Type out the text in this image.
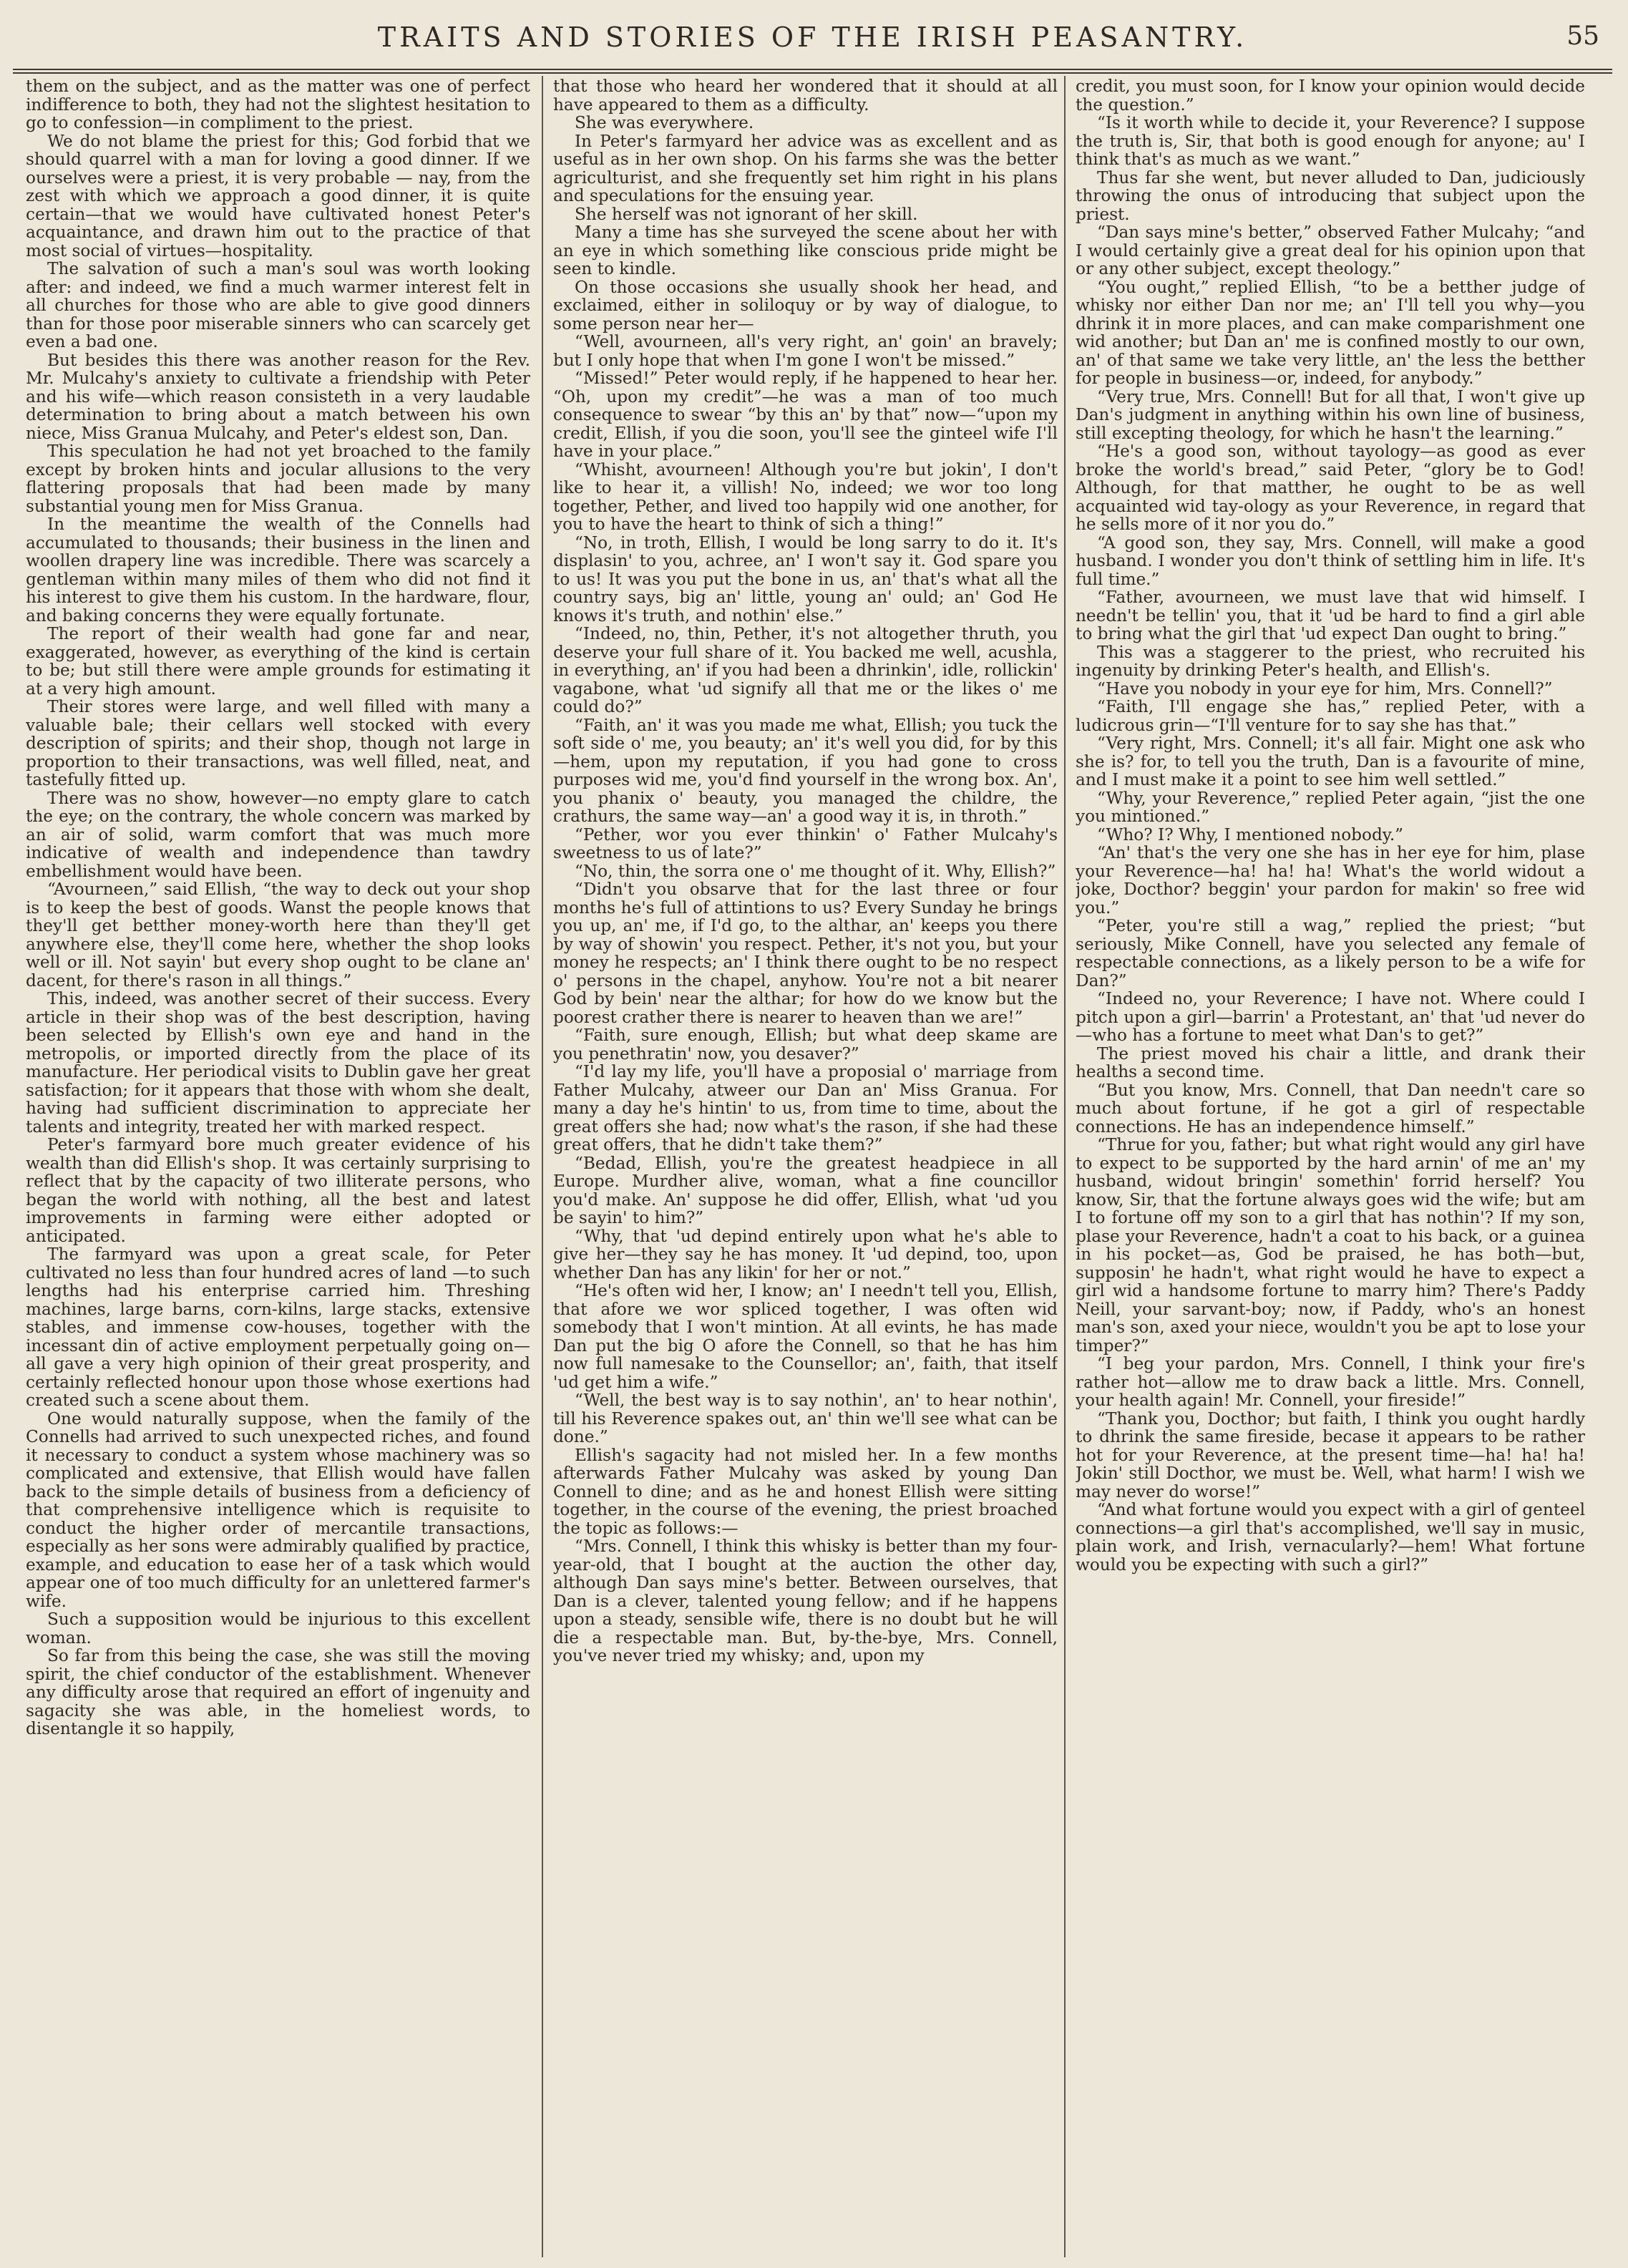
TRAITS AND STORIES OF THE IRISH PEASANTRY.	55

them on the subject, and as the matter was one of perfect indifference to both, they had not the slightest hesitation to go to confession—in compliment to the priest.

We do not blame the priest for this; God forbid that we should quarrel with a man for loving a good dinner. If we ourselves were a priest, it is very probable — nay, from the zest with which we approach a good dinner, it is quite certain—that we would have cultivated honest Peter's acquaintance, and drawn him out to the practice of that most social of virtues—hospitality.

The salvation of such a man's soul was worth looking after: and indeed, we find a much warmer interest felt in all churches for those who are able to give good dinners than for those poor miserable sinners who can scarcely get even a bad one.

But besides this there was another reason for the Rev. Mr. Mulcahy's anxiety to cultivate a friendship with Peter and his wife—which reason consisteth in a very laudable determination to bring about a match between his own niece, Miss Granua Mulcahy, and Peter's eldest son, Dan.

This speculation he had not yet broached to the family except by broken hints and jocular allusions to the very flattering proposals that had been made by many substantial young men for Miss Granua.

In the meantime the wealth of the Connells had accumulated to thousands; their business in the linen and woollen drapery line was incredible. There was scarcely a gentleman within many miles of them who did not find it his interest to give them his custom. In the hardware, flour, and baking concerns they were equally fortunate.

The report of their wealth had gone far and near, exaggerated, however, as everything of the kind is certain to be; but still there were ample grounds for estimating it at a very high amount.

Their stores were large, and well filled with many a valuable bale; their cellars well stocked with every description of spirits; and their shop, though not large in proportion to their transactions, was well filled, neat, and tastefully fitted up.

There was no show, however—no empty glare to catch the eye; on the contrary, the whole concern was marked by an air of solid, warm comfort that was much more indicative of wealth and independence than tawdry embellishment would have been.

“Avourneen,” said Ellish, “the way to deck out your shop is to keep the best of goods. Wanst the people knows that they'll get betther money-worth here than they'll get anywhere else, they'll come here, whether the shop looks well or ill. Not sayin' but every shop ought to be clane an' dacent, for there's rason in all things.”

This, indeed, was another secret of their success. Every article in their shop was of the best description, having been selected by Ellish's own eye and hand in the metropolis, or imported directly from the place of its manufacture. Her periodical visits to Dublin gave her great satisfaction; for it appears that those with whom she dealt, having had sufficient discrimination to appreciate her talents and integrity, treated her with marked respect.

Peter's farmyard bore much greater evidence of his wealth than did Ellish's shop. It was certainly surprising to reflect that by the capacity of two illiterate persons, who began the world with nothing, all the best and latest improvements in farming were either adopted or anticipated.

The farmyard was upon a great scale, for Peter cultivated no less than four hundred acres of land —to such lengths had his enterprise carried him. Threshing machines, large barns, corn-kilns, large stacks, extensive stables, and immense cow-houses, together with the incessant din of active employment perpetually going on—all gave a very high opinion of their great prosperity, and certainly reflected honour upon those whose exertions had created such a scene about them.

One would naturally suppose, when the family of the Connells had arrived to such unexpected riches, and found it necessary to conduct a system whose machinery was so complicated and extensive, that Ellish would have fallen back to the simple details of business from a deficiency of that comprehensive intelligence which is requisite to conduct the higher order of mercantile transactions, especially as her sons were admirably qualified by practice, example, and education to ease her of a task which would appear one of too much difficulty for an unlettered farmer's wife.

Such a supposition would be injurious to this excellent woman.

So far from this being the case, she was still the moving spirit, the chief conductor of the establishment. Whenever any difficulty arose that required an effort of ingenuity and sagacity she was able, in the homeliest words, to disentangle it so happily,

that those who heard her wondered that it should at all have appeared to them as a difficulty.

She was everywhere.

In Peter's farmyard her advice was as excellent and as useful as in her own shop. On his farms she was the better agriculturist, and she frequently set him right in his plans and speculations for the ensuing year.

She herself was not ignorant of her skill.

Many a time has she surveyed the scene about her with an eye in which something like conscious pride might be seen to kindle.

On those occasions she usually shook her head, and exclaimed, either in soliloquy or by way of dialogue, to some person near her—

“Well, avourneen, all's very right, an' goin' an bravely; but I only hope that when I'm gone I won't be missed.”

“Missed!” Peter would reply, if he happened to hear her. “Oh, upon my credit”—he was a man of too much consequence to swear “by this an' by that” now—“upon my credit, Ellish, if you die soon, you'll see the ginteel wife I'll have in your place.”

“Whisht, avourneen! Although you're but jokin', I don't like to hear it, a villish! No, indeed; we wor too long together, Pether, and lived too happily wid one another, for you to have the heart to think of sich a thing!”

“No, in troth, Ellish, I would be long sarry to do it. It's displasin' to you, achree, an' I won't say it. God spare you to us! It was you put the bone in us, an' that's what all the country says, big an' little, young an' ould; an' God He knows it's truth, and nothin' else.”

“Indeed, no, thin, Pether, it's not altogether thruth, you deserve your full share of it. You backed me well, acushla, in everything, an' if you had been a dhrinkin', idle, rollickin' vagabone, what 'ud signify all that me or the likes o' me could do?”

“Faith, an' it was you made me what, Ellish; you tuck the soft side o' me, you beauty; an' it's well you did, for by this—hem, upon my reputation, if you had gone to cross purposes wid me, you'd find yourself in the wrong box. An', you phanix o' beauty, you managed the childre, the crathurs, the same way—an' a good way it is, in throth.”

“Pether, wor you ever thinkin' o' Father Mulcahy's sweetness to us of late?”

“No, thin, the sorra one o' me thought of it. Why, Ellish?”

“Didn't you obsarve that for the last three or four months he's full of attintions to us? Every Sunday he brings you up, an' me, if I'd go, to the althar, an' keeps you there by way of showin' you respect. Pether, it's not you, but your money he respects; an' I think there ought to be no respect o' persons in the chapel, anyhow. You're not a bit nearer God by bein' near the althar; for how do we know but the poorest crather there is nearer to heaven than we are!”

“Faith, sure enough, Ellish; but what deep skame are you penethratin' now, you desaver?”

“I'd lay my life, you'll have a proposial o' marriage from Father Mulcahy, atweer our Dan an' Miss Granua. For many a day he's hintin' to us, from time to time, about the great offers she had; now what's the rason, if she had these great offers, that he didn't take them?”

“Bedad, Ellish, you're the greatest headpiece in all Europe. Murdher alive, woman, what a fine councillor you'd make. An' suppose he did offer, Ellish, what 'ud you be sayin' to him?”

“Why, that 'ud depind entirely upon what he's able to give her—they say he has money. It 'ud depind, too, upon whether Dan has any likin' for her or not.”

“He's often wid her, I know; an' I needn't tell you, Ellish, that afore we wor spliced together, I was often wid somebody that I won't mintion. At all evints, he has made Dan put the big O afore the Connell, so that he has him now full namesake to the Counsellor; an', faith, that itself 'ud get him a wife.”

“Well, the best way is to say nothin', an' to hear nothin', till his Reverence spakes out, an' thin we'll see what can be done.”

Ellish's sagacity had not misled her. In a few months afterwards Father Mulcahy was asked by young Dan Connell to dine; and as he and honest Ellish were sitting together, in the course of the evening, the priest broached the topic as follows:—

“Mrs. Connell, I think this whisky is better than my four-year-old, that I bought at the auction the other day, although Dan says mine's better. Between ourselves, that Dan is a clever, talented young fellow; and if he happens upon a steady, sensible wife, there is no doubt but he will die a respectable man. But, by-the-bye, Mrs. Connell, you've never tried my whisky; and, upon my

credit, you must soon, for I know your opinion would decide the question.”

“Is it worth while to decide it, your Reverence? I suppose the truth is, Sir, that both is good enough for anyone; au' I think that's as much as we want.”

Thus far she went, but never alluded to Dan, judiciously throwing the onus of introducing that subject upon the priest.

“Dan says mine's better,” observed Father Mulcahy; “and I would certainly give a great deal for his opinion upon that or any other subject, except theology.”

“You ought,” replied Ellish, “to be a betther judge of whisky nor either Dan nor me; an' I'll tell you why—you dhrink it in more places, and can make comparishment one wid another; but Dan an' me is confined mostly to our own, an' of that same we take very little, an' the less the betther for people in business—or, indeed, for anybody.”

“Very true, Mrs. Connell! But for all that, I won't give up Dan's judgment in anything within his own line of business, still excepting theology, for which he hasn't the learning.”

“He's a good son, without tayology—as good as ever broke the world's bread,” said Peter, “glory be to God! Although, for that matther, he ought to be as well acquainted wid tay-ology as your Reverence, in regard that he sells more of it nor you do.”

“A good son, they say, Mrs. Connell, will make a good husband. I wonder you don't think of settling him in life. It's full time.”

“Father, avourneen, we must lave that wid himself. I needn't be tellin' you, that it 'ud be hard to find a girl able to bring what the girl that 'ud expect Dan ought to bring.”

This was a staggerer to the priest, who recruited his ingenuity by drinking Peter's health, and Ellish's.

“Have you nobody in your eye for him, Mrs. Connell?”

“Faith, I'll engage she has,” replied Peter, with a ludicrous grin—“I'll venture for to say she has that.”

“Very right, Mrs. Connell; it's all fair. Might one ask who she is? for, to tell you the truth, Dan is a favourite of mine, and I must make it a point to see him well settled.”

“Why, your Reverence,” replied Peter again, “jist the one you mintioned.”

“Who? I? Why, I mentioned nobody.”

“An' that's the very one she has in her eye for him, plase your Reverence—ha! ha! ha! What's the world widout a joke, Docthor? beggin' your pardon for makin' so free wid you.”

“Peter, you're still a wag,” replied the priest; “but seriously, Mike Connell, have you selected any female of respectable connections, as a likely person to be a wife for Dan?”

“Indeed no, your Reverence; I have not. Where could I pitch upon a girl—barrin' a Protestant, an' that 'ud never do—who has a fortune to meet what Dan's to get?”

The priest moved his chair a little, and drank their healths a second time.

“But you know, Mrs. Connell, that Dan needn't care so much about fortune, if he got a girl of respectable connections. He has an independence himself.”

“Thrue for you, father; but what right would any girl have to expect to be supported by the hard arnin' of me an' my husband, widout bringin' somethin' forrid herself? You know, Sir, that the fortune always goes wid the wife; but am I to fortune off my son to a girl that has nothin'? If my son, plase your Reverence, hadn't a coat to his back, or a guinea in his pocket—as, God be praised, he has both—but, supposin' he hadn't, what right would he have to expect a girl wid a handsome fortune to marry him? There's Paddy Neill, your sarvant-boy; now, if Paddy, who's an honest man's son, axed your niece, wouldn't you be apt to lose your timper?”

“I beg your pardon, Mrs. Connell, I think your fire's rather hot—allow me to draw back a little. Mrs. Connell, your health again! Mr. Connell, your fireside!”

“Thank you, Docthor; but faith, I think you ought hardly to dhrink the same fireside, becase it appears to be rather hot for your Reverence, at the present time—ha! ha! ha! Jokin' still Docthor, we must be. Well, what harm! I wish we may never do worse!”

“And what fortune would you expect with a girl of genteel connections—a girl that's accomplished, we'll say in music, plain work, and Irish, vernacularly?—hem! What fortune would you be expecting with such a girl?”
